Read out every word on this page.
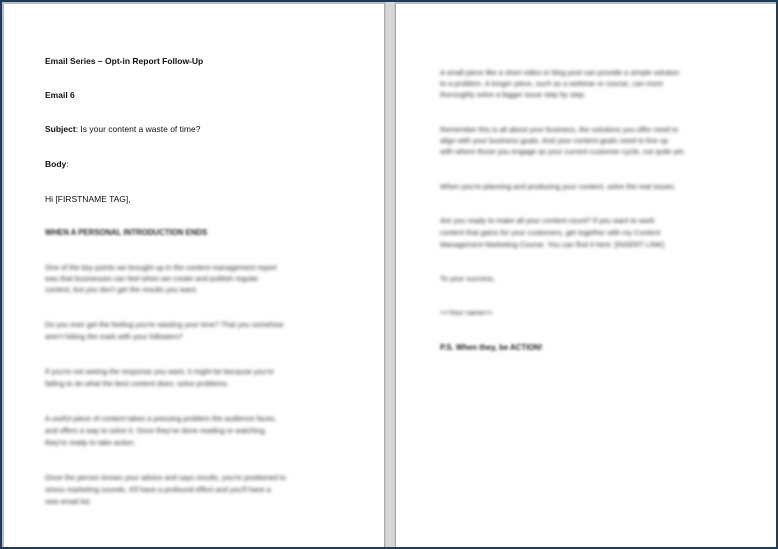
Email Series – Opt-in Report Follow-Up
Email 6
Subject: Is your content a waste of time?
Body:
Hi [FIRSTNAME TAG],
WHEN A PERSONAL INTRODUCTION ENDS
One of the key points we brought up in the content management report
was that businesses can feel when we create and publish regular
content, but you don't get the results you want.
Do you ever get the feeling you're wasting your time? That you somehow
aren't hitting the mark with your followers?
If you're not seeing the response you want, it might be because you're
failing to do what the best content does: solve problems.
A useful piece of content takes a pressing problem the audience faces,
and offers a way to solve it. Once they've done reading or watching,
they're ready to take action.
Once the person knows your advice and says results, you're positioned to
stress marketing sounds. It'll have a profound effect and you'll have a
new email list.
A small piece like a short video or blog post can provide a simple solution
to a problem. A longer piece, such as a webinar or course, can more
thoroughly solve a bigger issue step by step.
Remember this is all about your business, the solutions you offer need to
align with your business goals. And your content goals need to line up
with where those you engage as your current customer cycle, not quite yet.
When you're planning and producing your content, solve the real issues.
Are you ready to make all your content count? If you want to work
content that gains for your customers, get together with my Content
Management Marketing Course. You can find it here: [INSERT LINK]
To your success,
<<Your name>>
P.S. When they, be ACTION!
